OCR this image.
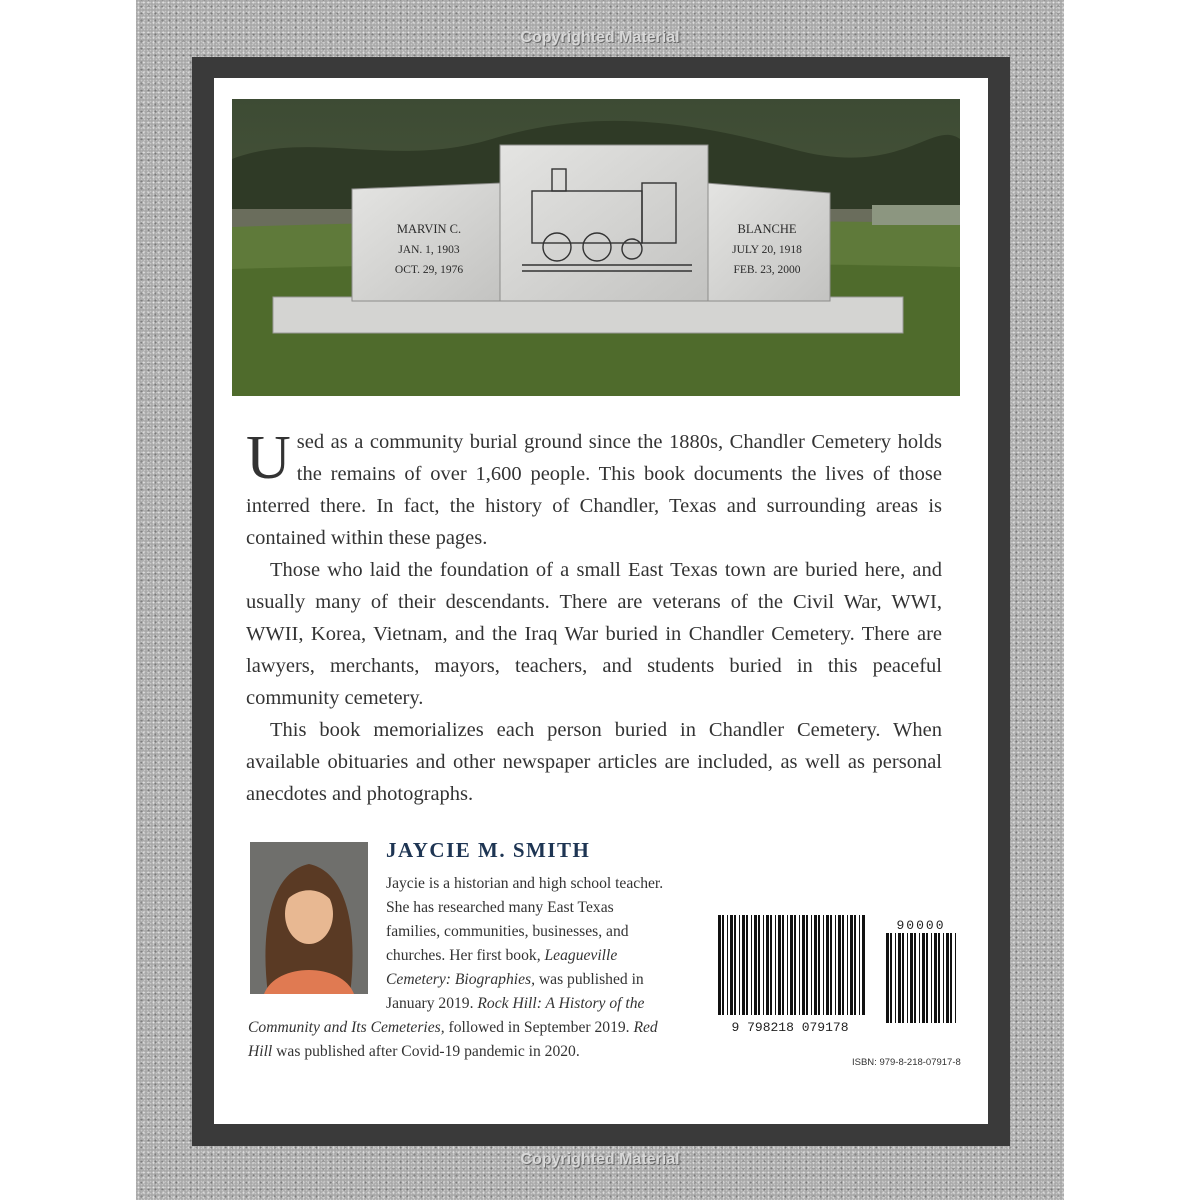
Copyrighted Material
MARVIN C.
JAN. 1, 1903
OCT. 29, 1976
BLANCHE
JULY 20, 1918
FEB. 23, 2000

Used as a community burial ground since the 1880s, Chandler Cemetery holds the remains of over 1,600 people. This book documents the lives of those interred there. In fact, the history of Chandler, Texas and surrounding areas is contained within these pages.

Those who laid the foundation of a small East Texas town are buried here, and usually many of their descendants. There are veterans of the Civil War, WWI, WWII, Korea, Vietnam, and the Iraq War buried in Chandler Cemetery. There are lawyers, merchants, mayors, teachers, and students buried in this peaceful community cemetery.

This book memorializes each person buried in Chandler Cemetery. When available obituaries and other newspaper articles are included, as well as personal anecdotes and photographs.

JAYCIE M. SMITH
Jaycie is a historian and high school teacher. She has researched many East Texas families, communities, businesses, and churches. Her first book, Leagueville Cemetery: Biographies, was published in January 2019. Rock Hill: A History of the Community and Its Cemeteries, followed in September 2019. Red Hill was published after Covid-19 pandemic in 2020.
9 798218 079178
90000
ISBN: 979-8-218-07917-8
Copyrighted Material
